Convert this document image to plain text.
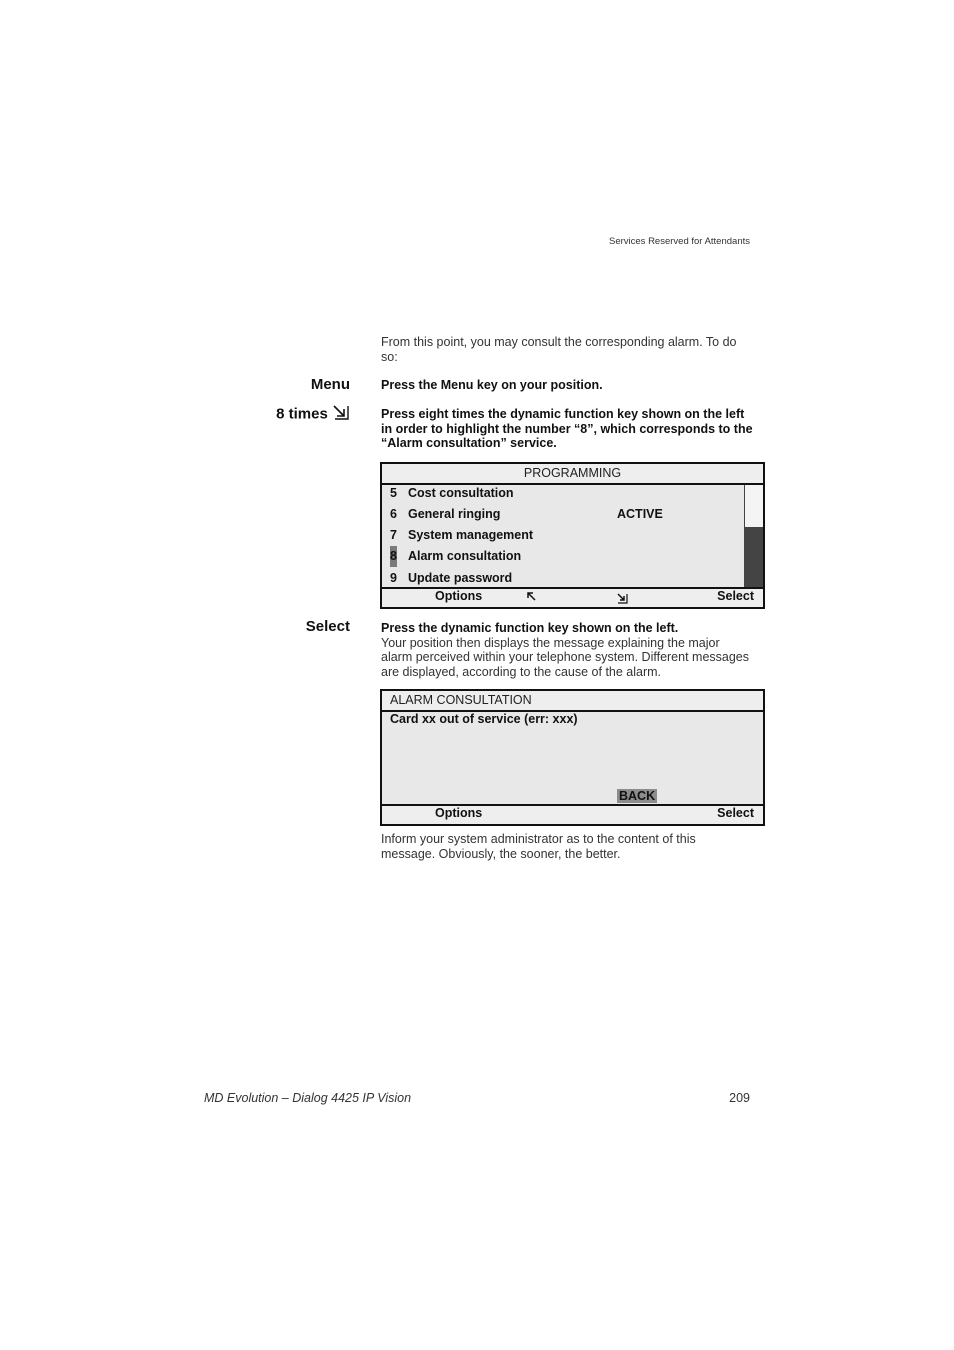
Services Reserved for Attendants
From this point, you may consult the corresponding alarm. To do so:
Menu Press the Menu key on your position.
8 times	Press eight times the dynamic function key shown on the left in order to highlight the number “8”, which corresponds to the “Alarm consultation” service.
PROGRAMMING
5 Cost consultation
6 General ringing	ACTIVE
7 System management
8 Alarm consultation
9 Update password
Options	Select
Select Press the dynamic function key shown on the left.
Your position then displays the message explaining the major alarm perceived within your telephone system. Different messages are displayed, according to the cause of the alarm.
ALARM CONSULTATION
Card xx out of service (err: xxx)
BACK
Options	Select
Inform your system administrator as to the content of this message. Obviously, the sooner, the better.
MD Evolution – Dialog 4425 IP Vision	209
